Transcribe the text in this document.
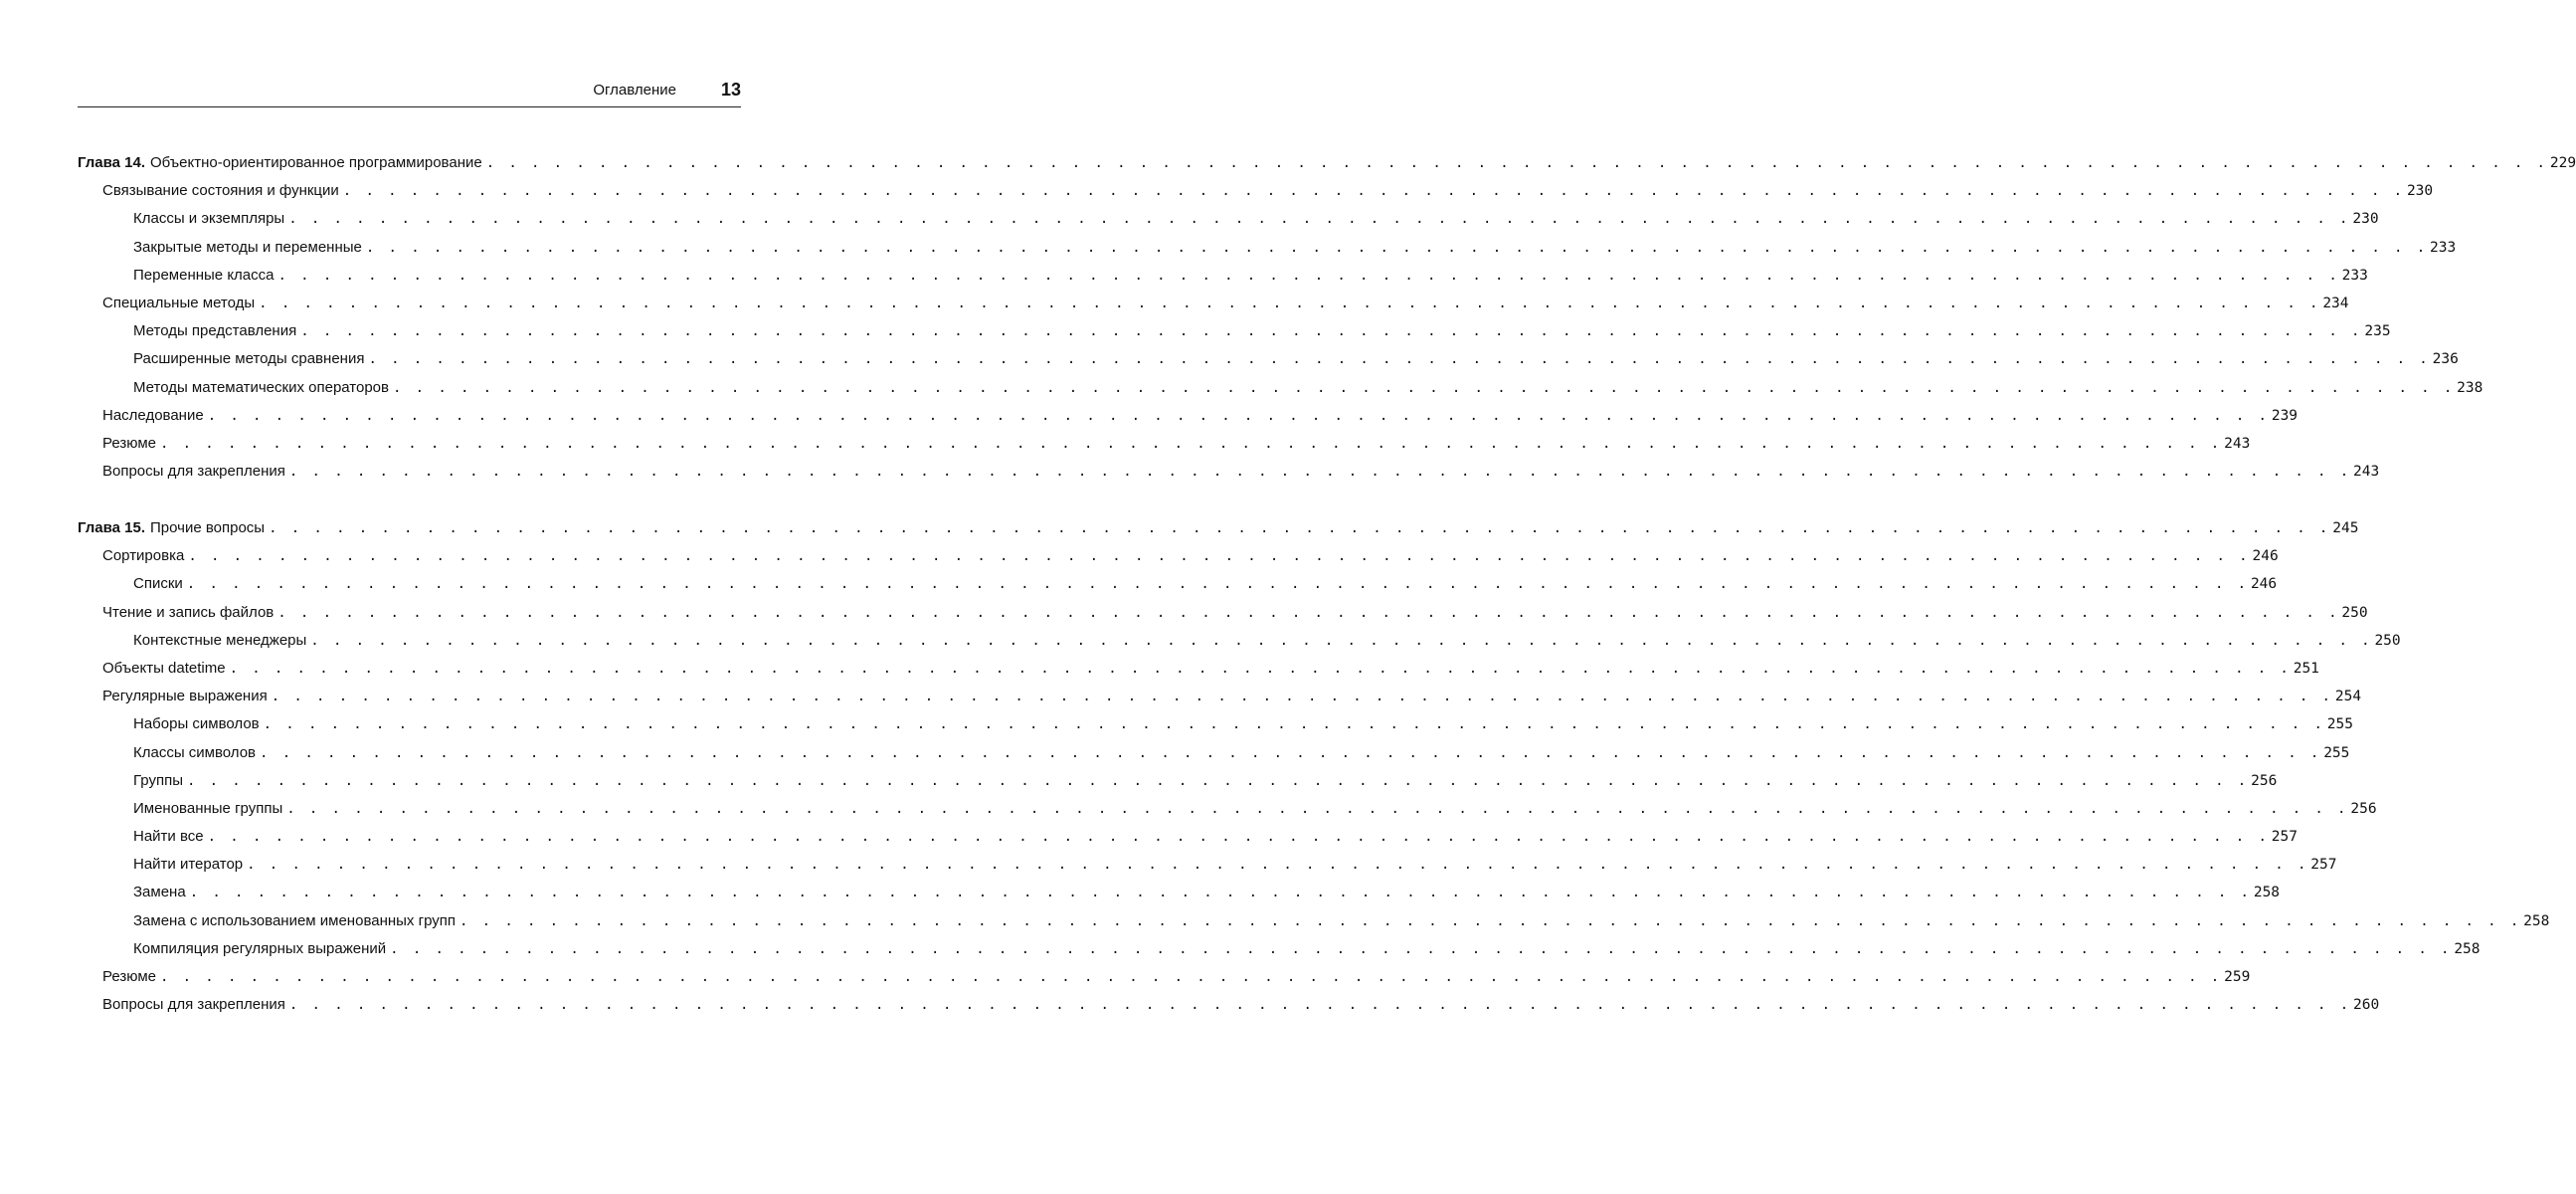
Оглавление 13
Глава 14. Объектно-ориентированное программирование . . . . . . . . . . . . . . . . . . . . . . . . . . . . . . . . . . . . . . . . . . . . . . . . . . . . . . . . . . . . . . . . . . . . . . . . . . . . . . . . . . . . . . . . . . . . 229
Связывание состояния и функции . . . . . . . . . . . . . . . . . . . . . . . . . . . . . . . . . . . . . . . . . . . . . . . . . . . . . . . . . . . . . . . . . . . . . . . . . . . . . . . . . . . . . . . . . . . . 230
Классы и экземпляры . . . . . . . . . . . . . . . . . . . . . . . . . . . . . . . . . . . . . . . . . . . . . . . . . . . . . . . . . . . . . . . . . . . . . . . . . . . . . . . . . . . . . . . . . . . . 230
Закрытые методы и переменные . . . . . . . . . . . . . . . . . . . . . . . . . . . . . . . . . . . . . . . . . . . . . . . . . . . . . . . . . . . . . . . . . . . . . . . . . . . . . . . . . . . . . . . . . . . . 233
Переменные класса . . . . . . . . . . . . . . . . . . . . . . . . . . . . . . . . . . . . . . . . . . . . . . . . . . . . . . . . . . . . . . . . . . . . . . . . . . . . . . . . . . . . . . . . . . . . 233
Специальные методы . . . . . . . . . . . . . . . . . . . . . . . . . . . . . . . . . . . . . . . . . . . . . . . . . . . . . . . . . . . . . . . . . . . . . . . . . . . . . . . . . . . . . . . . . . . . 234
Методы представления . . . . . . . . . . . . . . . . . . . . . . . . . . . . . . . . . . . . . . . . . . . . . . . . . . . . . . . . . . . . . . . . . . . . . . . . . . . . . . . . . . . . . . . . . . . . 235
Расширенные методы сравнения . . . . . . . . . . . . . . . . . . . . . . . . . . . . . . . . . . . . . . . . . . . . . . . . . . . . . . . . . . . . . . . . . . . . . . . . . . . . . . . . . . . . . . . . . . . . 236
Методы математических операторов . . . . . . . . . . . . . . . . . . . . . . . . . . . . . . . . . . . . . . . . . . . . . . . . . . . . . . . . . . . . . . . . . . . . . . . . . . . . . . . . . . . . . . . . . . . . 238
Наследование . . . . . . . . . . . . . . . . . . . . . . . . . . . . . . . . . . . . . . . . . . . . . . . . . . . . . . . . . . . . . . . . . . . . . . . . . . . . . . . . . . . . . . . . . . . . 239
Резюме . . . . . . . . . . . . . . . . . . . . . . . . . . . . . . . . . . . . . . . . . . . . . . . . . . . . . . . . . . . . . . . . . . . . . . . . . . . . . . . . . . . . . . . . . . . . 243
Вопросы для закрепления . . . . . . . . . . . . . . . . . . . . . . . . . . . . . . . . . . . . . . . . . . . . . . . . . . . . . . . . . . . . . . . . . . . . . . . . . . . . . . . . . . . . . . . . . . . . 243
Глава 15. Прочие вопросы . . . . . . . . . . . . . . . . . . . . . . . . . . . . . . . . . . . . . . . . . . . . . . . . . . . . . . . . . . . . . . . . . . . . . . . . . . . . . . . . . . . . . . . . . . . . 245
Сортировка . . . . . . . . . . . . . . . . . . . . . . . . . . . . . . . . . . . . . . . . . . . . . . . . . . . . . . . . . . . . . . . . . . . . . . . . . . . . . . . . . . . . . . . . . . . . 246
Списки . . . . . . . . . . . . . . . . . . . . . . . . . . . . . . . . . . . . . . . . . . . . . . . . . . . . . . . . . . . . . . . . . . . . . . . . . . . . . . . . . . . . . . . . . . . . 246
Чтение и запись файлов . . . . . . . . . . . . . . . . . . . . . . . . . . . . . . . . . . . . . . . . . . . . . . . . . . . . . . . . . . . . . . . . . . . . . . . . . . . . . . . . . . . . . . . . . . . . 250
Контекстные менеджеры . . . . . . . . . . . . . . . . . . . . . . . . . . . . . . . . . . . . . . . . . . . . . . . . . . . . . . . . . . . . . . . . . . . . . . . . . . . . . . . . . . . . . . . . . . . . 250
Объекты datetime . . . . . . . . . . . . . . . . . . . . . . . . . . . . . . . . . . . . . . . . . . . . . . . . . . . . . . . . . . . . . . . . . . . . . . . . . . . . . . . . . . . . . . . . . . . . 251
Регулярные выражения . . . . . . . . . . . . . . . . . . . . . . . . . . . . . . . . . . . . . . . . . . . . . . . . . . . . . . . . . . . . . . . . . . . . . . . . . . . . . . . . . . . . . . . . . . . . 254
Наборы символов . . . . . . . . . . . . . . . . . . . . . . . . . . . . . . . . . . . . . . . . . . . . . . . . . . . . . . . . . . . . . . . . . . . . . . . . . . . . . . . . . . . . . . . . . . . . 255
Классы символов . . . . . . . . . . . . . . . . . . . . . . . . . . . . . . . . . . . . . . . . . . . . . . . . . . . . . . . . . . . . . . . . . . . . . . . . . . . . . . . . . . . . . . . . . . . . 255
Группы . . . . . . . . . . . . . . . . . . . . . . . . . . . . . . . . . . . . . . . . . . . . . . . . . . . . . . . . . . . . . . . . . . . . . . . . . . . . . . . . . . . . . . . . . . . . 256
Именованные группы . . . . . . . . . . . . . . . . . . . . . . . . . . . . . . . . . . . . . . . . . . . . . . . . . . . . . . . . . . . . . . . . . . . . . . . . . . . . . . . . . . . . . . . . . . . . 256
Найти все . . . . . . . . . . . . . . . . . . . . . . . . . . . . . . . . . . . . . . . . . . . . . . . . . . . . . . . . . . . . . . . . . . . . . . . . . . . . . . . . . . . . . . . . . . . . 257
Найти итератор . . . . . . . . . . . . . . . . . . . . . . . . . . . . . . . . . . . . . . . . . . . . . . . . . . . . . . . . . . . . . . . . . . . . . . . . . . . . . . . . . . . . . . . . . . . . 257
Замена . . . . . . . . . . . . . . . . . . . . . . . . . . . . . . . . . . . . . . . . . . . . . . . . . . . . . . . . . . . . . . . . . . . . . . . . . . . . . . . . . . . . . . . . . . . . 258
Замена с использованием именованных групп . . . . . . . . . . . . . . . . . . . . . . . . . . . . . . . . . . . . . . . . . . . . . . . . . . . . . . . . . . . . . . . . . . . . . . . . . . . . . . . . . . . . . . . . . . . . 258
Компиляция регулярных выражений . . . . . . . . . . . . . . . . . . . . . . . . . . . . . . . . . . . . . . . . . . . . . . . . . . . . . . . . . . . . . . . . . . . . . . . . . . . . . . . . . . . . . . . . . . . . 258
Резюме . . . . . . . . . . . . . . . . . . . . . . . . . . . . . . . . . . . . . . . . . . . . . . . . . . . . . . . . . . . . . . . . . . . . . . . . . . . . . . . . . . . . . . . . . . . . 259
Вопросы для закрепления . . . . . . . . . . . . . . . . . . . . . . . . . . . . . . . . . . . . . . . . . . . . . . . . . . . . . . . . . . . . . . . . . . . . . . . . . . . . . . . . . . . . . . . . . . . . 260
